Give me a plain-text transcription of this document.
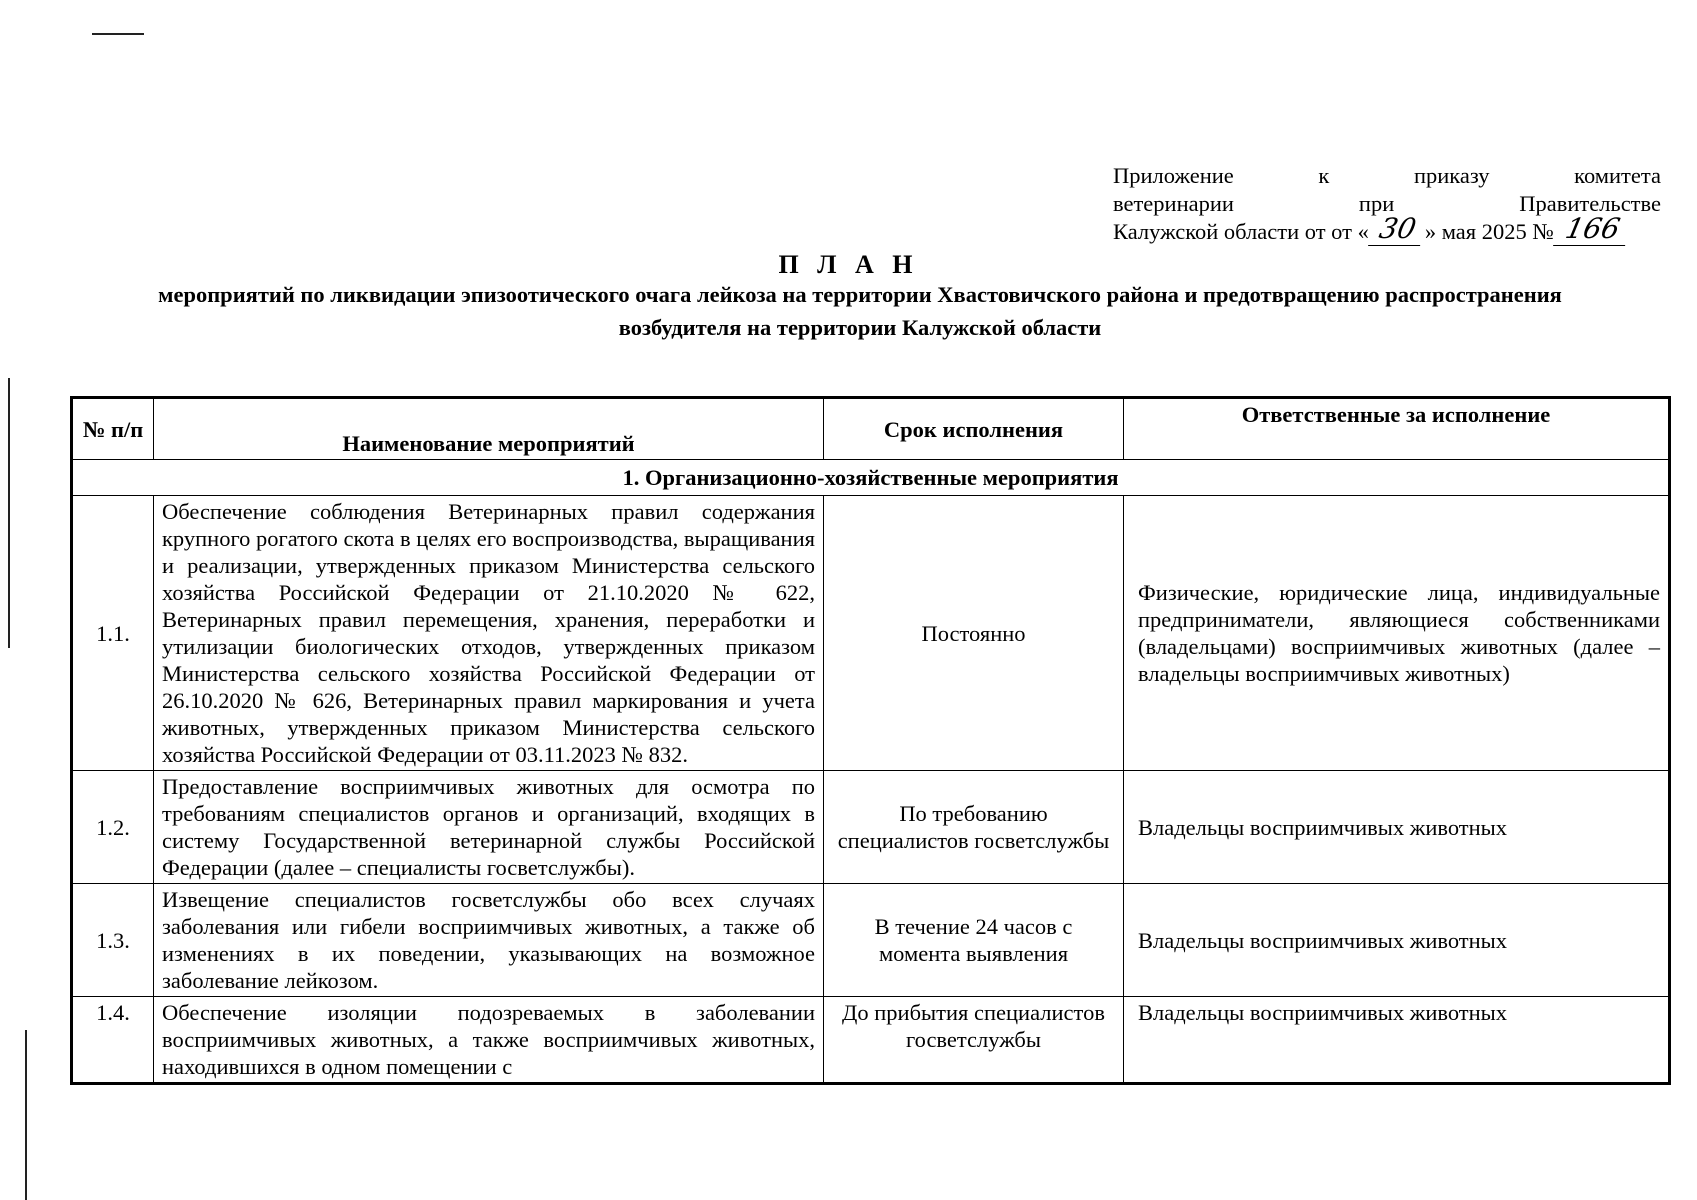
Приложение	к	приказу	комитета
ветеринарии	при	Правительстве
Калужской области от от « 30 » мая 2025 № 166
П Л А Н
мероприятий по ликвидации эпизоотического очага лейкоза на территории Хвастовичского района и предотвращению распространения возбудителя на территории Калужской области
№ п/п	Наименование мероприятий	Срок исполнения	Ответственные за исполнение
1. Организационно-хозяйственные мероприятия			
1.1.	Обеспечение соблюдения Ветеринарных правил содержания крупного рогатого скота в целях его воспроизводства, выращивания и реализации, утвержденных приказом Министерства сельского хозяйства Российской Федерации от 21.10.2020 № 622, Ветеринарных правил перемещения, хранения, переработки и утилизации биологических отходов, утвержденных приказом Министерства сельского хозяйства Российской Федерации от 26.10.2020 № 626, Ветеринарных правил маркирования и учета животных, утвержденных приказом Министерства сельского хозяйства Российской Федерации от 03.11.2023 № 832.	Постоянно	Физические, юридические лица, индивидуальные предприниматели, являющиеся собственниками (владельцами) восприимчивых животных (далее – владельцы восприимчивых животных)
1.2.	Предоставление восприимчивых животных для осмотра по требованиям специалистов органов и организаций, входящих в систему Государственной ветеринарной службы Российской Федерации (далее – специалисты госветслужбы).	По требованию специалистов госветслужбы	Владельцы восприимчивых животных
1.3.	Извещение специалистов госветслужбы обо всех случаях заболевания или гибели восприимчивых животных, а также об изменениях в их поведении, указывающих на возможное заболевание лейкозом.	В течение 24 часов с момента выявления	Владельцы восприимчивых животных
1.4.	Обеспечение изоляции подозреваемых в заболевании восприимчивых животных, а также восприимчивых животных, находившихся в одном помещении с	До прибытия специалистов госветслужбы	Владельцы восприимчивых животных
